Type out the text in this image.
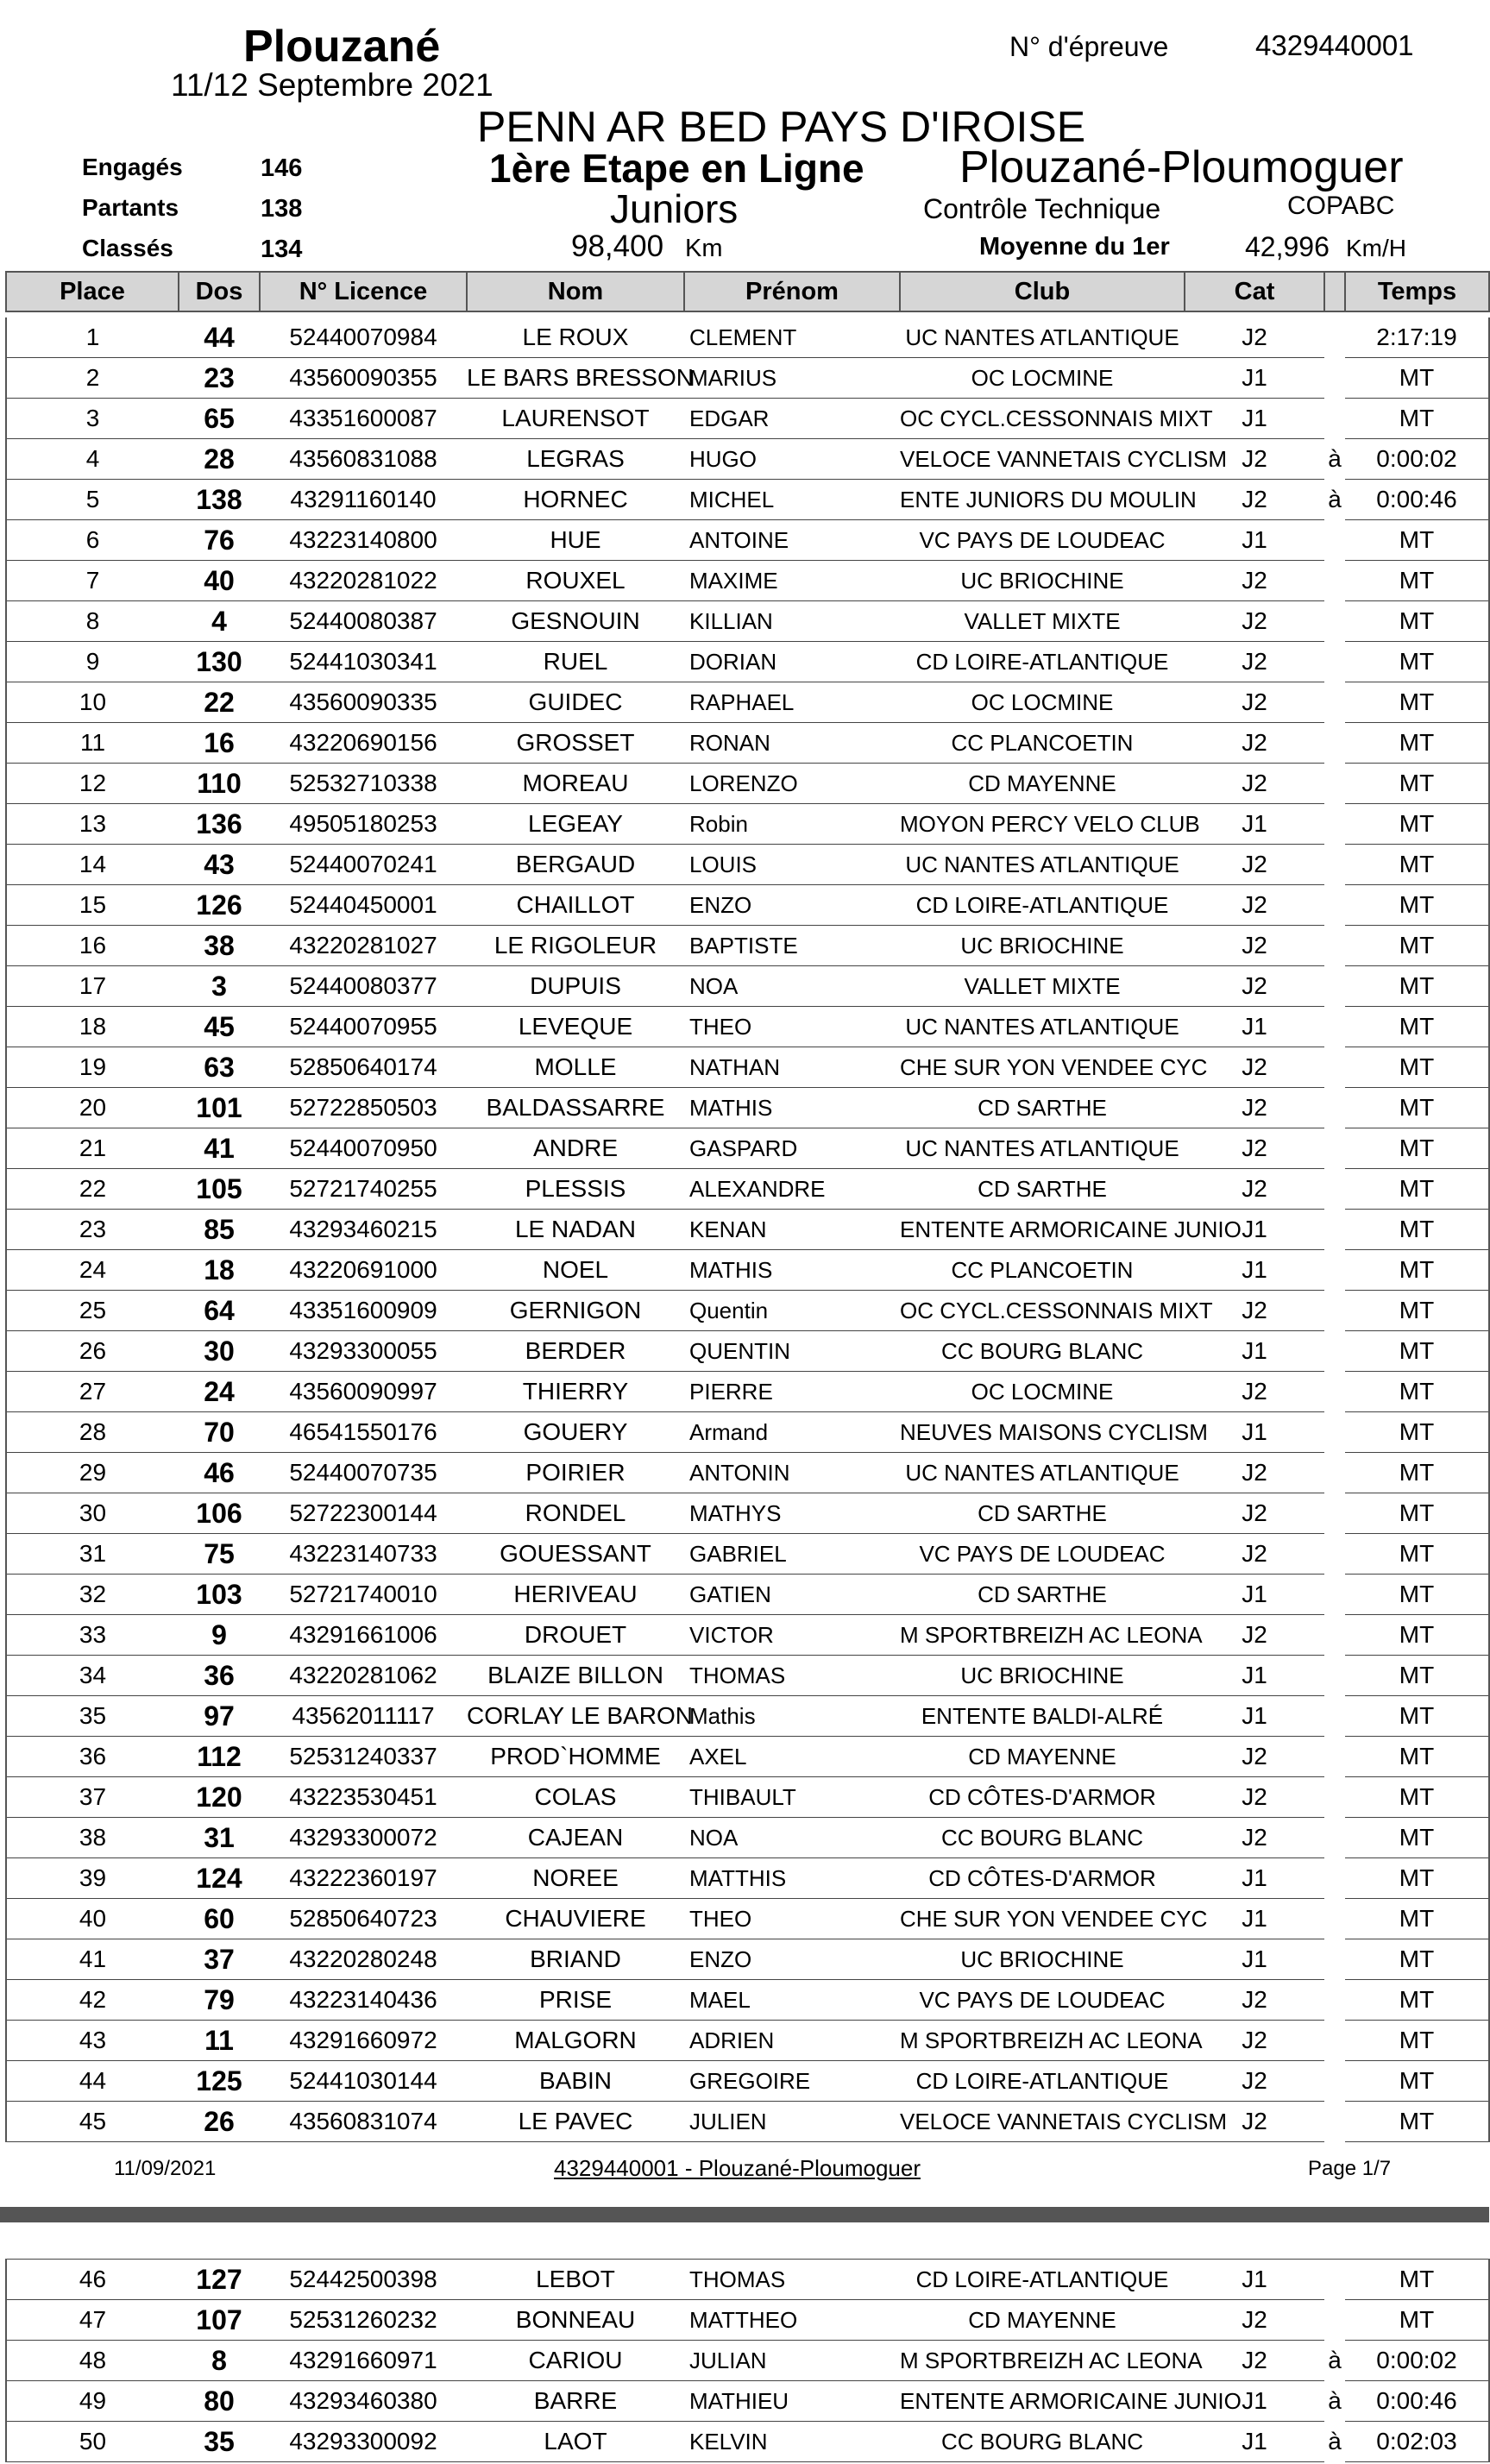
Plouzané
11/12 Septembre 2021
N° d'épreuve	4329440001
PENN AR BED PAYS D'IROISE
1ère Etape en Ligne Plouzané-Ploumoguer
Juniors	Contrôle Technique	COPABC
98,400 Km	Moyenne du 1er	42,996 Km/H
Engagés	146
Partants	138
Classés	134
Place	Dos	N° Licence	Nom	Prénom	Club	Cat		Temps

1	44	52440070984	LE ROUX	CLEMENT	UC NANTES ATLANTIQUE	J2		2:17:19
2	23	43560090355	LE BARS BRESSON	MARIUS	OC LOCMINE	J1		MT
3	65	43351600087	LAURENSOT	EDGAR	OC CYCL.CESSONNAIS MIXT	J1		MT
4	28	43560831088	LEGRAS	HUGO	VELOCE VANNETAIS CYCLISM	J2	à	0:00:02
5	138	43291160140	HORNEC	MICHEL	ENTE JUNIORS DU MOULIN	J2	à	0:00:46
6	76	43223140800	HUE	ANTOINE	VC PAYS DE LOUDEAC	J1		MT
7	40	43220281022	ROUXEL	MAXIME	UC BRIOCHINE	J2		MT
8	4	52440080387	GESNOUIN	KILLIAN	VALLET MIXTE	J2		MT
9	130	52441030341	RUEL	DORIAN	CD LOIRE-ATLANTIQUE	J2		MT
10	22	43560090335	GUIDEC	RAPHAEL	OC LOCMINE	J2		MT
11	16	43220690156	GROSSET	RONAN	CC PLANCOETIN	J2		MT
12	110	52532710338	MOREAU	LORENZO	CD MAYENNE	J2		MT
13	136	49505180253	LEGEAY	Robin	MOYON PERCY VELO CLUB	J1		MT
14	43	52440070241	BERGAUD	LOUIS	UC NANTES ATLANTIQUE	J2		MT
15	126	52440450001	CHAILLOT	ENZO	CD LOIRE-ATLANTIQUE	J2		MT
16	38	43220281027	LE RIGOLEUR	BAPTISTE	UC BRIOCHINE	J2		MT
17	3	52440080377	DUPUIS	NOA	VALLET MIXTE	J2		MT
18	45	52440070955	LEVEQUE	THEO	UC NANTES ATLANTIQUE	J1		MT
19	63	52850640174	MOLLE	NATHAN	CHE SUR YON VENDEE CYC	J2		MT
20	101	52722850503	BALDASSARRE	MATHIS	CD SARTHE	J2		MT
21	41	52440070950	ANDRE	GASPARD	UC NANTES ATLANTIQUE	J2		MT
22	105	52721740255	PLESSIS	ALEXANDRE	CD SARTHE	J2		MT
23	85	43293460215	LE NADAN	KENAN	ENTENTE ARMORICAINE JUNIO	J1		MT
24	18	43220691000	NOEL	MATHIS	CC PLANCOETIN	J1		MT
25	64	43351600909	GERNIGON	Quentin	OC CYCL.CESSONNAIS MIXT	J2		MT
26	30	43293300055	BERDER	QUENTIN	CC BOURG BLANC	J1		MT
27	24	43560090997	THIERRY	PIERRE	OC LOCMINE	J2		MT
28	70	46541550176	GOUERY	Armand	NEUVES MAISONS CYCLISM	J1		MT
29	46	52440070735	POIRIER	ANTONIN	UC NANTES ATLANTIQUE	J2		MT
30	106	52722300144	RONDEL	MATHYS	CD SARTHE	J2		MT
31	75	43223140733	GOUESSANT	GABRIEL	VC PAYS DE LOUDEAC	J2		MT
32	103	52721740010	HERIVEAU	GATIEN	CD SARTHE	J1		MT
33	9	43291661006	DROUET	VICTOR	M SPORTBREIZH AC LEONA	J2		MT
34	36	43220281062	BLAIZE BILLON	THOMAS	UC BRIOCHINE	J1		MT
35	97	43562011117	CORLAY LE BARON	Mathis	ENTENTE BALDI-ALRÉ	J1		MT
36	112	52531240337	PROD`HOMME	AXEL	CD MAYENNE	J2		MT
37	120	43223530451	COLAS	THIBAULT	CD CÔTES-D'ARMOR	J2		MT
38	31	43293300072	CAJEAN	NOA	CC BOURG BLANC	J2		MT
39	124	43222360197	NOREE	MATTHIS	CD CÔTES-D'ARMOR	J1		MT
40	60	52850640723	CHAUVIERE	THEO	CHE SUR YON VENDEE CYC	J1		MT
41	37	43220280248	BRIAND	ENZO	UC BRIOCHINE	J1		MT
42	79	43223140436	PRISE	MAEL	VC PAYS DE LOUDEAC	J2		MT
43	11	43291660972	MALGORN	ADRIEN	M SPORTBREIZH AC LEONA	J2		MT
44	125	52441030144	BABIN	GREGOIRE	CD LOIRE-ATLANTIQUE	J2		MT
45	26	43560831074	LE PAVEC	JULIEN	VELOCE VANNETAIS CYCLISM	J2		MT
11/09/2021	4329440001 - Plouzané-Ploumoguer	Page 1/7
46	127	52442500398	LEBOT	THOMAS	CD LOIRE-ATLANTIQUE	J1		MT
47	107	52531260232	BONNEAU	MATTHEO	CD MAYENNE	J2		MT
48	8	43291660971	CARIOU	JULIAN	M SPORTBREIZH AC LEONA	J2	à	0:00:02
49	80	43293460380	BARRE	MATHIEU	ENTENTE ARMORICAINE JUNIO	J1	à	0:00:46
50	35	43293300092	LAOT	KELVIN	CC BOURG BLANC	J1	à	0:02:03
